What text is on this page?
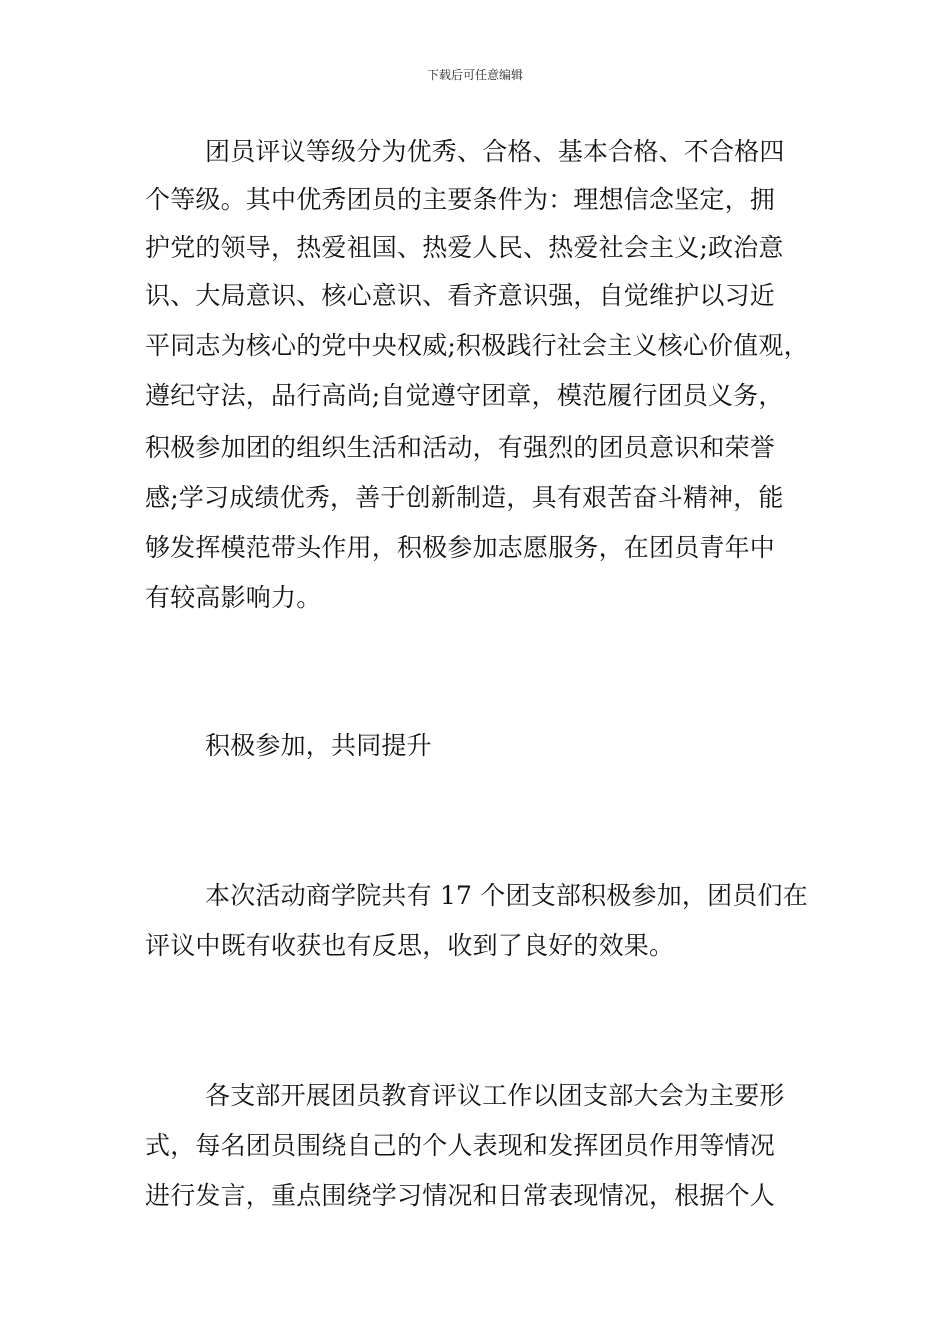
下载后可任意编辑
团员评议等级分为优秀、合格、基本合格、不合格四
个等级。其中优秀团员的主要条件为：理想信念坚定，拥
护党的领导，热爱祖国、热爱人民、热爱社会主义;政治意
识、大局意识、核心意识、看齐意识强，自觉维护以习近
平同志为核心的党中央权威;积极践行社会主义核心价值观，
遵纪守法，品行高尚;自觉遵守团章，模范履行团员义务，
积极参加团的组织生活和活动，有强烈的团员意识和荣誉
感;学习成绩优秀，善于创新制造，具有艰苦奋斗精神，能
够发挥模范带头作用，积极参加志愿服务，在团员青年中
有较高影响力。
积极参加，共同提升
本次活动商学院共有 17 个团支部积极参加，团员们在
评议中既有收获也有反思，收到了良好的效果。
各支部开展团员教育评议工作以团支部大会为主要形
式，每名团员围绕自己的个人表现和发挥团员作用等情况
进行发言，重点围绕学习情况和日常表现情况，根据个人
